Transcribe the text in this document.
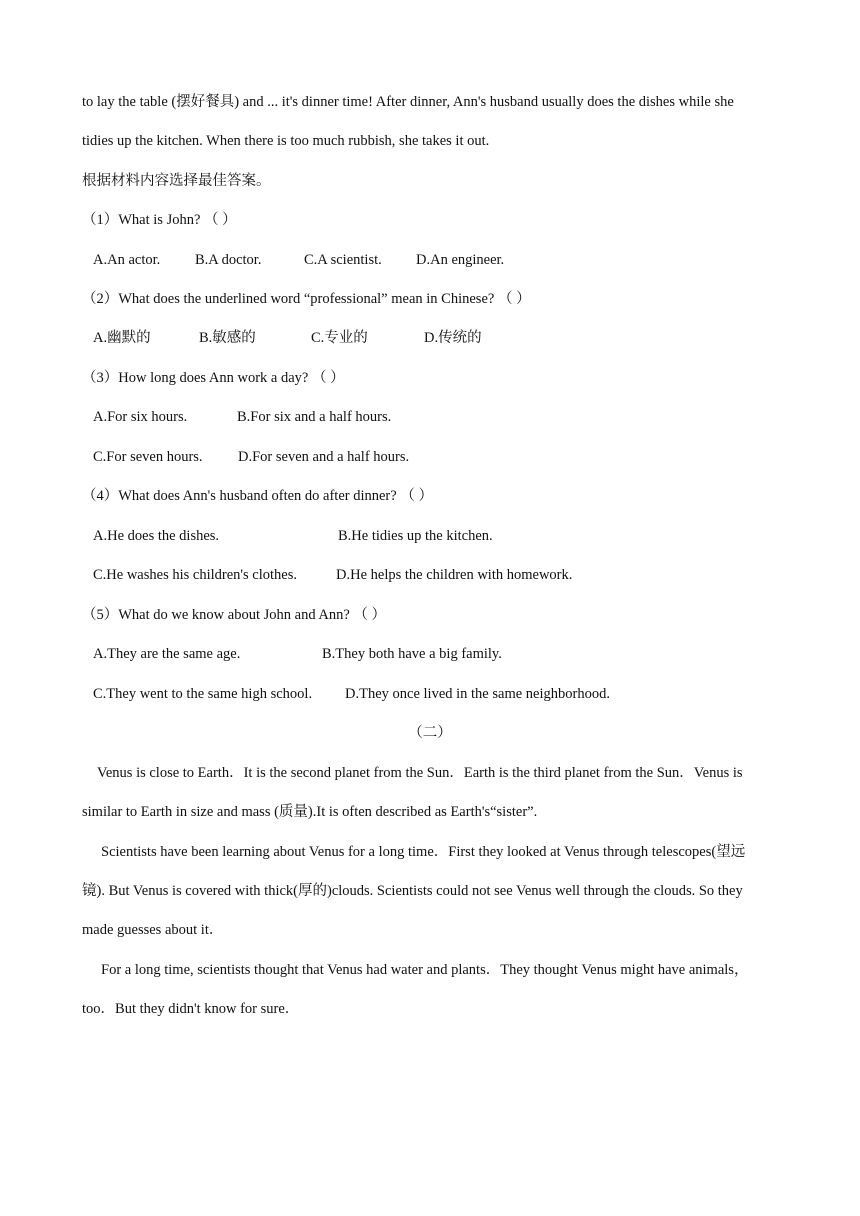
to lay the table (摆好餐具) and ... it's dinner time! After dinner, Ann's husband usually does the dishes while she
tidies up the kitchen. When there is too much rubbish, she takes it out.
根据材料内容选择最佳答案。
（1）What is John? （ ）
A.An actor. B.A doctor.	C.A scientist. D.An engineer.
（2）What does the underlined word “professional” mean in Chinese? （ ）
A.幽默的	B.敏感的	C.专业的	D.传统的
（3）How long does Ann work a day? （ ）
A.For six hours.	B.For six and a half hours.
C.For seven hours. D.For seven and a half hours.
（4）What does Ann's husband often do after dinner? （ ）
A.He does the dishes.	B.He tidies up the kitchen.
C.He washes his children's clothes.	D.He helps the children with homework.
（5）What do we know about John and Ann? （ ）
A.They are the same age.	B.They both have a big family.
C.They went to the same high school. D.They once lived in the same neighborhood.
（二）
Venus is close to Earth．It is the second planet from the Sun．Earth is the third planet from the Sun．Venus is
similar to Earth in size and mass (质量).It is often described as Earth's“sister”.
Scientists have been learning about Venus for a long time．First they looked at Venus through telescopes(望远
镜). But Venus is covered with thick(厚的)clouds. Scientists could not see Venus well through the clouds. So they
made guesses about it．
For a long time, scientists thought that Venus had water and plants．They thought Venus might have animals，
too．But they didn't know for sure．
